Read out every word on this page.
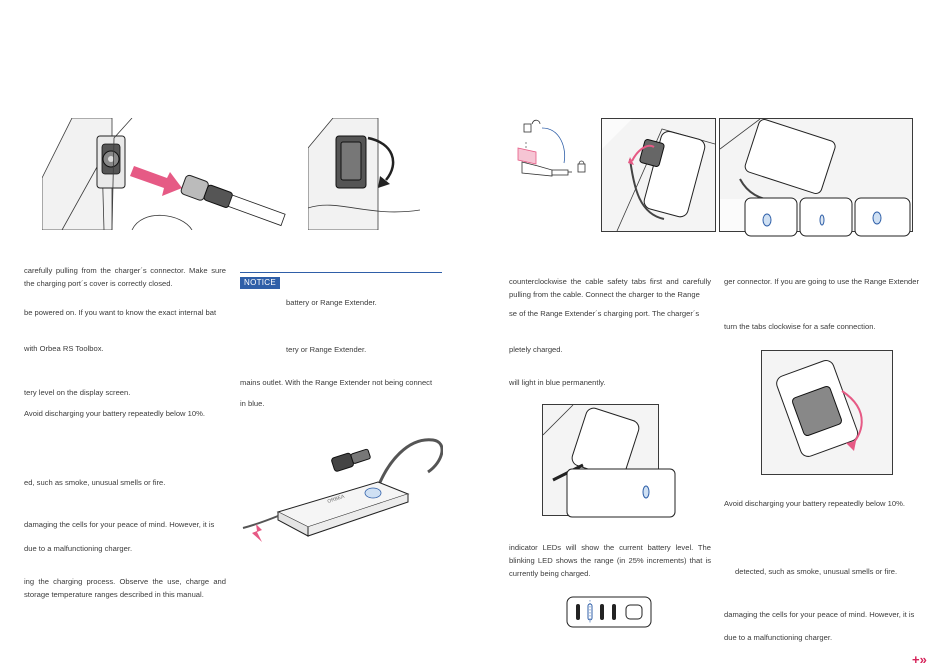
carefully pulling from the charger´s connector. Make sure the charging port´s cover is correctly closed.
be powered on. If you want to know the exact internal bat
with Orbea RS Toolbox.
tery level on the display screen.
Avoid discharging your battery repeatedly below 10%.
ed, such as smoke, unusual smells or fire.
damaging the cells for your peace of mind. However, it is
due to a malfunctioning charger.
ing the charging process. Observe the use, charge and storage temperature ranges described in this manual.
NOTICE
battery or Range Extender.
tery or Range Extender.
mains outlet. With the Range Extender not being connect
in blue.
ORBEA
counterclockwise the cable safety tabs first and carefully pulling from the cable. Connect the charger to the Range
se of the Range Extender´s charging port. The charger´s
pletely charged.
will light in blue permanently.
indicator LEDs will show the current battery level. The blinking LED shows the range (in 25% increments) that is currently being charged.
ger connector. If you are going to use the Range Extender
turn the tabs clockwise for a safe connection.
Avoid discharging your battery repeatedly below 10%.
detected, such as smoke, unusual smells or fire.
damaging the cells for your peace of mind. However, it is
due to a malfunctioning charger.
+»
